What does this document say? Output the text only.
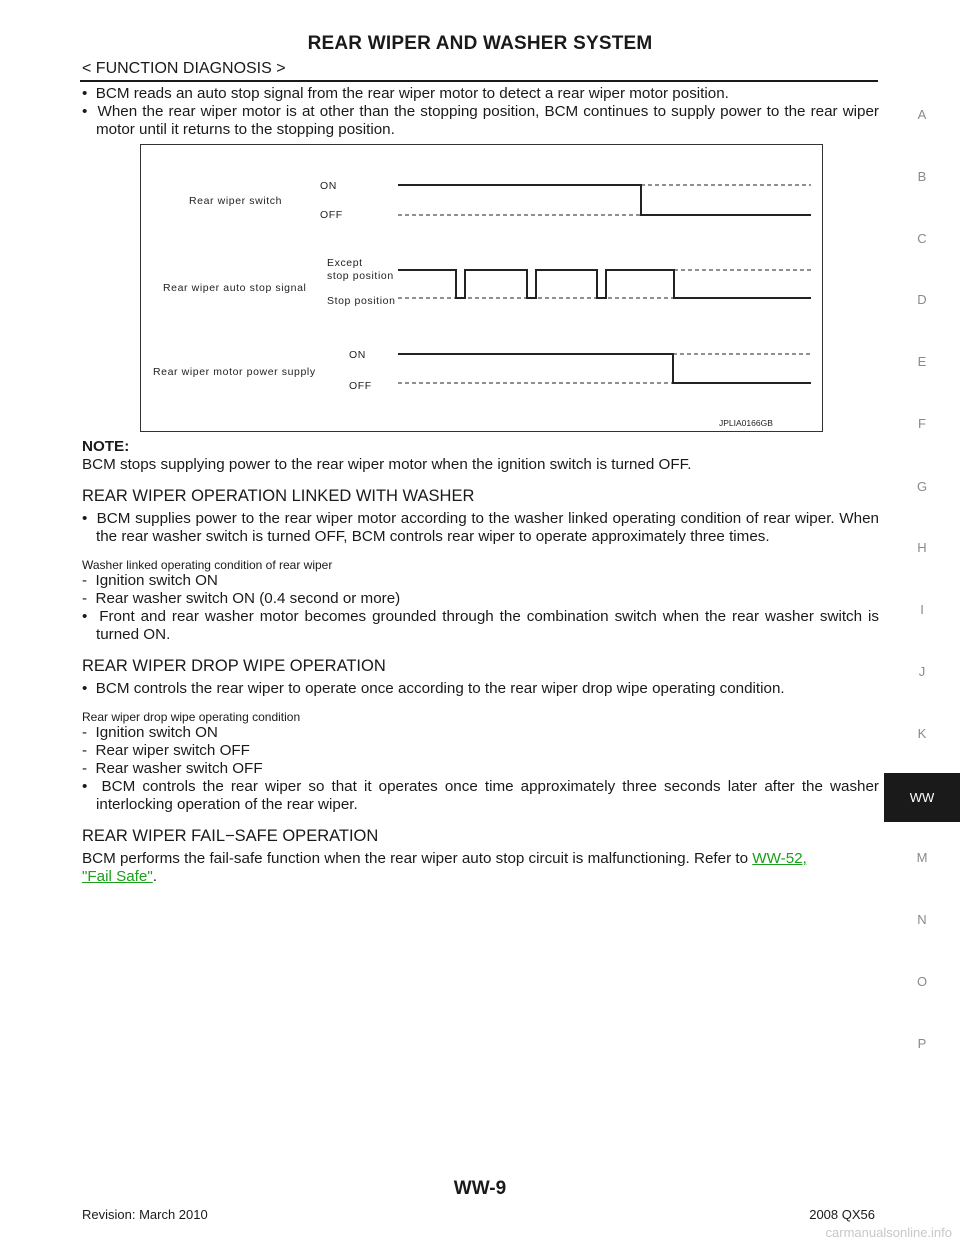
REAR WIPER AND WASHER SYSTEM
< FUNCTION DIAGNOSIS >

•  BCM reads an auto stop signal from the rear wiper motor to detect a rear wiper motor position.

•  When the rear wiper motor is at other than the stopping position, BCM continues to supply power to the rear wiper motor until it returns to the stopping position.

Rear wiper switch
ON
OFF
Rear wiper auto stop signal
Except
stop position
Stop position
Rear wiper motor power supply
ON
OFF
JPLIA0166GB

NOTE:

BCM stops supplying power to the rear wiper motor when the ignition switch is turned OFF.

REAR WIPER OPERATION LINKED WITH WASHER

•  BCM supplies power to the rear wiper motor according to the washer linked operating condition of rear wiper. When the rear washer switch is turned OFF, BCM controls rear wiper to operate approximately three times.

Washer linked operating condition of rear wiper

-  Ignition switch ON

-  Rear washer switch ON (0.4 second or more)

•  Front and rear washer motor becomes grounded through the combination switch when the rear washer switch is turned ON.

REAR WIPER DROP WIPE OPERATION

•  BCM controls the rear wiper to operate once according to the rear wiper drop wipe operating condition.

Rear wiper drop wipe operating condition

-  Ignition switch ON

-  Rear wiper switch OFF

-  Rear washer switch OFF

•  BCM controls the rear wiper so that it operates once time approximately three seconds later after the washer interlocking operation of the rear wiper.

REAR WIPER FAIL−SAFE OPERATION

BCM performs the fail-safe function when the rear wiper auto stop circuit is malfunctioning. Refer to WW-52,
"Fail Safe".

A
B
C
D
E
F
G
H
I
J
K
WW
M
N
O
P
WW-9
Revision: March 2010	2008 QX56
carmanualsonline.info
